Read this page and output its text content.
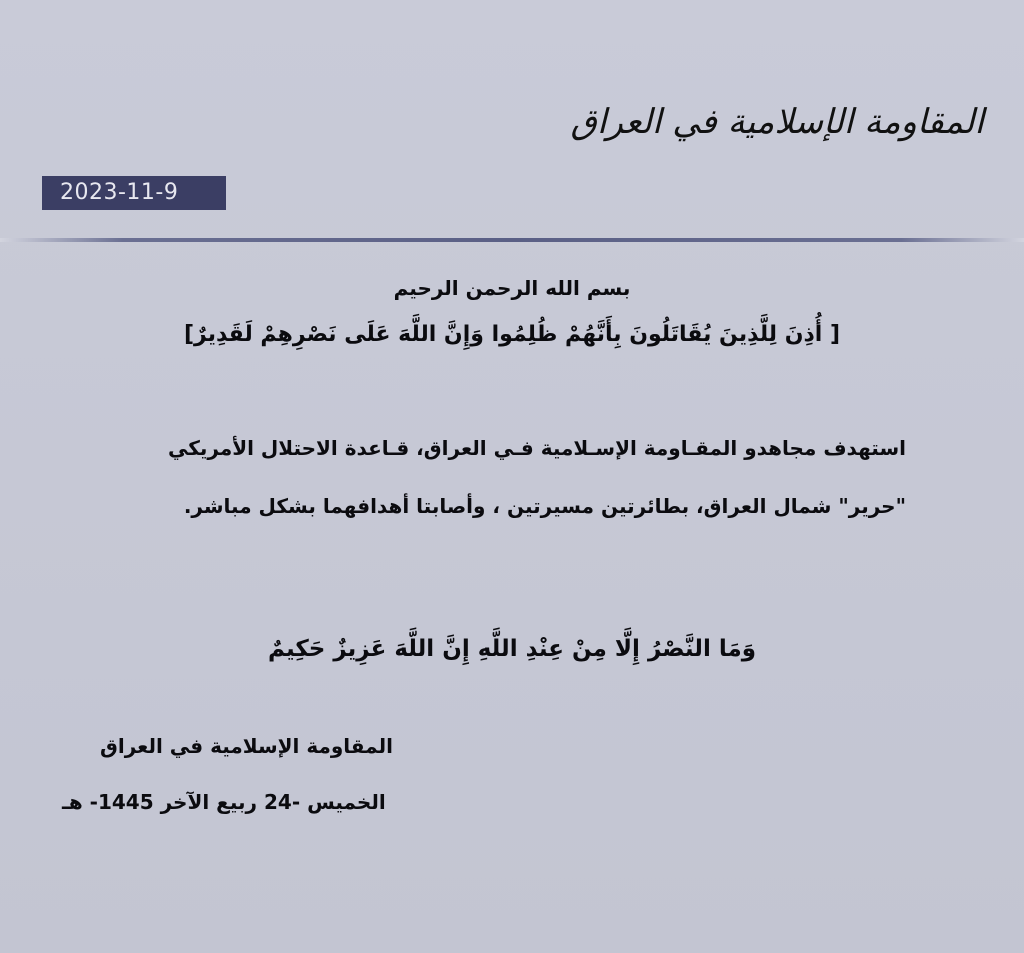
المقاومة الإسلامية في العراق
2023-11-9
بسم الله الرحمن الرحيم
[ أُذِنَ لِلَّذِينَ يُقَاتَلُونَ بِأَنَّهُمْ ظُلِمُوا وَإِنَّ اللَّهَ عَلَى نَصْرِهِمْ لَقَدِيرٌ]
استهدف مجاهدو المقـاومة الإسـلامية فـي العراق، قـاعدة الاحتلال الأمريكي
"حرير" شمال العراق، بطائرتين مسيرتين ، وأصابتا أهدافهما بشكل مباشر.
وَمَا النَّصْرُ إِلَّا مِنْ عِنْدِ اللَّهِ إِنَّ اللَّهَ عَزِيزٌ حَكِيمٌ
المقاومة الإسلامية في العراق
الخميس -24 ربيع الآخر 1445- هـ
